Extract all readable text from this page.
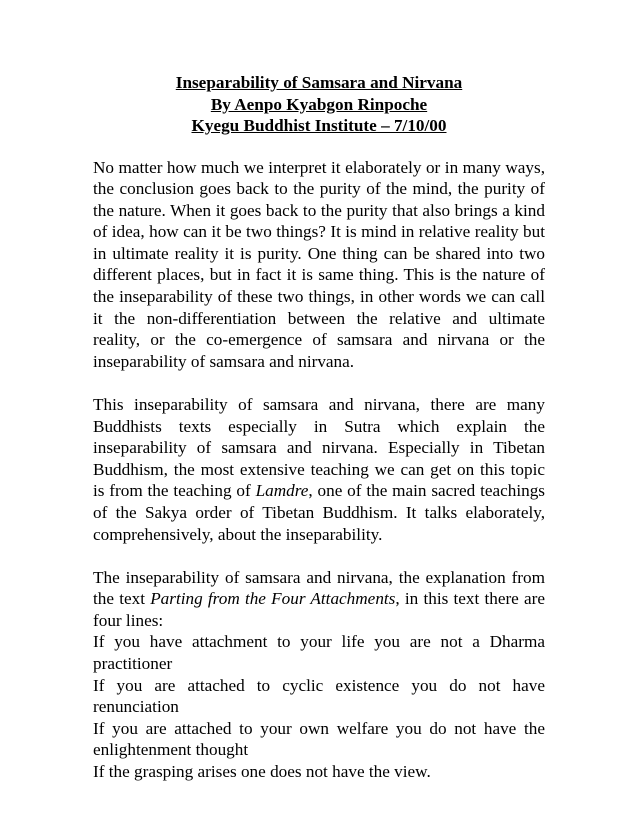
Inseparability of Samsara and Nirvana
By Aenpo Kyabgon Rinpoche
Kyegu Buddhist Institute – 7/10/00

No matter how much we interpret it elaborately or in many ways, the conclusion goes back to the purity of the mind, the purity of the nature. When it goes back to the purity that also brings a kind of idea, how can it be two things? It is mind in relative reality but in ultimate reality it is purity. One thing can be shared into two different places, but in fact it is same thing. This is the nature of the inseparability of these two things, in other words we can call it the non-differentiation between the relative and ultimate reality, or the co-emergence of samsara and nirvana or the inseparability of samsara and nirvana.

This inseparability of samsara and nirvana, there are many Buddhists texts especially in Sutra which explain the inseparability of samsara and nirvana. Especially in Tibetan Buddhism, the most extensive teaching we can get on this topic is from the teaching of Lamdre, one of the main sacred teachings of the Sakya order of Tibetan Buddhism. It talks elaborately, comprehensively, about the inseparability.

The inseparability of samsara and nirvana, the explanation from the text Parting from the Four Attachments, in this text there are four lines:
If you have attachment to your life you are not a Dharma practitioner
If you are attached to cyclic existence you do not have renunciation
If you are attached to your own welfare you do not have the enlightenment thought
If the grasping arises one does not have the view.
